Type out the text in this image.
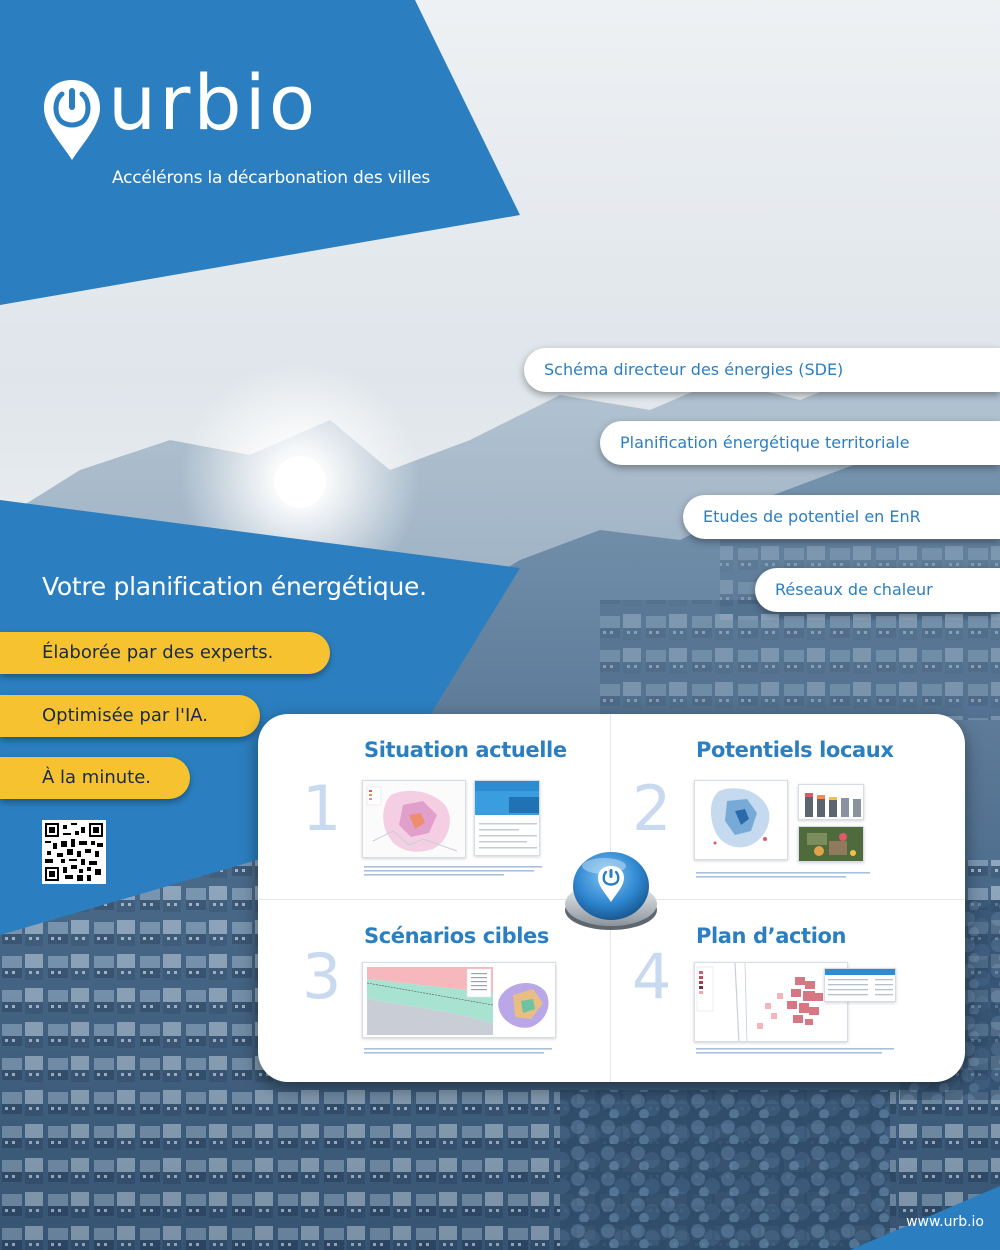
urbio
Accélérons la décarbonation des villes
Schéma directeur des énergies (SDE)
Planification énergétique territoriale
Etudes de potentiel en EnR
Réseaux de chaleur
Votre planification énergétique.
Élaborée par des experts.
Optimisée par l'IA.
À la minute.
Situation actuelle
1
Potentiels locaux
2
Scénarios cibles
3
Plan d’action
4
www.urb.io
